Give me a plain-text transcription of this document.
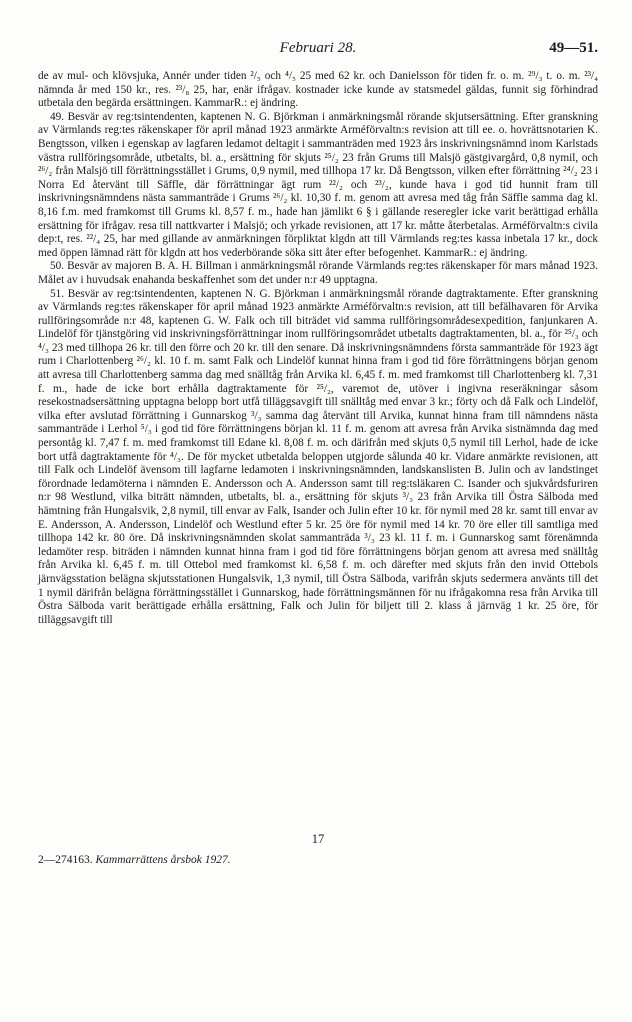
Februari 28.	49—51.

de av mul- och klövsjuka, Annér under tiden ²/₅ och ⁴/₅ 25 med 62 kr. och Danielsson för tiden fr. o. m. ²⁹/₃ t. o. m. ²³/₄ nämnda år med 150 kr., res. ²³/₈ 25, har, enär ifrågav. kostnader icke kunde av statsmedel gäldas, funnit sig förhindrad utbetala den begärda ersättningen. KammarR.: ej ändring.

49. Besvär av reg:tsintendenten, kaptenen N. G. Björkman i anmärkningsmål rörande skjutsersättning. Efter granskning av Värmlands reg:tes räkenskaper för april månad 1923 anmärkte Arméförvaltn:s revision att till ee. o. hovrättsnotarien K. Bengtsson, vilken i egenskap av lagfaren ledamot deltagit i sammanträden med 1923 års inskrivningsnämnd inom Karlstads västra rullföringsområde, utbetalts, bl. a., ersättning för skjuts ²⁵/₂ 23 från Grums till Malsjö gästgivargård, 0,8 nymil, och ²⁶/₂ från Malsjö till förrättningsstället i Grums, 0,9 nymil, med tillhopa 17 kr. Då Bengtsson, vilken efter förrättning ²⁴/₂ 23 i Norra Ed återvänt till Säffle, där förrättningar ägt rum ²²/₂ och ²³/₂, kunde hava i god tid hunnit fram till inskrivningsnämndens nästa sammanträde i Grums ²⁶/₂ kl. 10,30 f. m. genom att avresa med tåg från Säffle samma dag kl. 8,16 f.m. med framkomst till Grums kl. 8,57 f. m., hade han jämlikt 6 § i gällande reseregler icke varit berättigad erhålla ersättning för ifrågav. resa till nattkvarter i Malsjö; och yrkade revisionen, att 17 kr. måtte återbetalas. Arméförvaltn:s civila dep:t, res. ²²/₄ 25, har med gillande av anmärkningen förpliktat klgdn att till Värmlands reg:tes kassa inbetala 17 kr., dock med öppen lämnad rätt för klgdn att hos vederbörande söka sitt åter efter befogenhet. KammarR.: ej ändring.

50. Besvär av majoren B. A. H. Billman i anmärkningsmål rörande Värmlands reg:tes räkenskaper för mars månad 1923. Målet av i huvudsak enahanda beskaffenhet som det under n:r 49 upptagna.

51. Besvär av reg:tsintendenten, kaptenen N. G. Björkman i anmärkningsmål rörande dagtraktamente. Efter granskning av Värmlands reg:tes räkenskaper för april månad 1923 anmärkte Arméförvaltn:s revision, att till befälhavaren för Arvika rullföringsområde n:r 48, kaptenen G. W. Falk och till biträdet vid samma rullföringsområdesexpedition, fanjunkaren A. Lindelöf för tjänstgöring vid inskrivningsförrättningar inom rullföringsområdet utbetalts dagtraktamenten, bl. a., för ²⁵/₃ och ⁴/₃ 23 med tillhopa 26 kr. till den förre och 20 kr. till den senare. Då inskrivningsnämndens första sammanträde för 1923 ägt rum i Charlottenberg ²⁶/₂ kl. 10 f. m. samt Falk och Lindelöf kunnat hinna fram i god tid före förrättningens början genom att avresa till Charlottenberg samma dag med snälltåg från Arvika kl. 6,45 f. m. med framkomst till Charlottenberg kl. 7,31 f. m., hade de icke bort erhålla dagtraktamente för ²⁵/₂, varemot de, utöver i ingivna reseräkningar såsom resekostnadsersättning upptagna belopp bort utfå tilläggsavgift till snälltåg med envar 3 kr.; förty och då Falk och Lindelöf, vilka efter avslutad förrättning i Gunnarskog ³/₃ samma dag återvänt till Arvika, kunnat hinna fram till nämndens nästa sammanträde i Lerhol ⁵/₃ i god tid före förrättningens början kl. 11 f. m. genom att avresa från Arvika sistnämnda dag med persontåg kl. 7,47 f. m. med framkomst till Edane kl. 8,08 f. m. och därifrån med skjuts 0,5 nymil till Lerhol, hade de icke bort utfå dagtraktamente för ⁴/₃. De för mycket utbetalda beloppen utgjorde sålunda 40 kr. Vidare anmärkte revisionen, att till Falk och Lindelöf ävensom till lagfarne ledamoten i inskrivningsnämnden, landskanslisten B. Julin och av landstinget förordnade ledamöterna i nämnden E. Andersson och A. Andersson samt till reg:tsläkaren C. Isander och sjukvårdsfuriren n:r 98 Westlund, vilka biträtt nämnden, utbetalts, bl. a., ersättning för skjuts ³/₃ 23 från Arvika till Östra Sälboda med hämtning från Hungalsvik, 2,8 nymil, till envar av Falk, Isander och Julin efter 10 kr. för nymil med 28 kr. samt till envar av E. Andersson, A. Andersson, Lindelöf och Westlund efter 5 kr. 25 öre för nymil med 14 kr. 70 öre eller till samtliga med tillhopa 142 kr. 80 öre. Då inskrivningsnämnden skolat sammanträda ³/₃ 23 kl. 11 f. m. i Gunnarskog samt förenämnda ledamöter resp. biträden i nämnden kunnat hinna fram i god tid före förrättningens början genom att avresa med snälltåg från Arvika kl. 6,45 f. m. till Ottebol med framkomst kl. 6,58 f. m. och därefter med skjuts från den invid Ottebols järnvägsstation belägna skjutsstationen Hungalsvik, 1,3 nymil, till Östra Sälboda, varifrån skjuts sedermera använts till det 1 nymil därifrån belägna förrättningsstället i Gunnarskog, hade förrättningsmännen för nu ifrågakomna resa från Arvika till Östra Sälboda varit berättigade erhålla ersättning, Falk och Julin för biljett till 2. klass å järnväg 1 kr. 25 öre, för tilläggsavgift till

17
2—274163. Kammarrättens årsbok 1927.
